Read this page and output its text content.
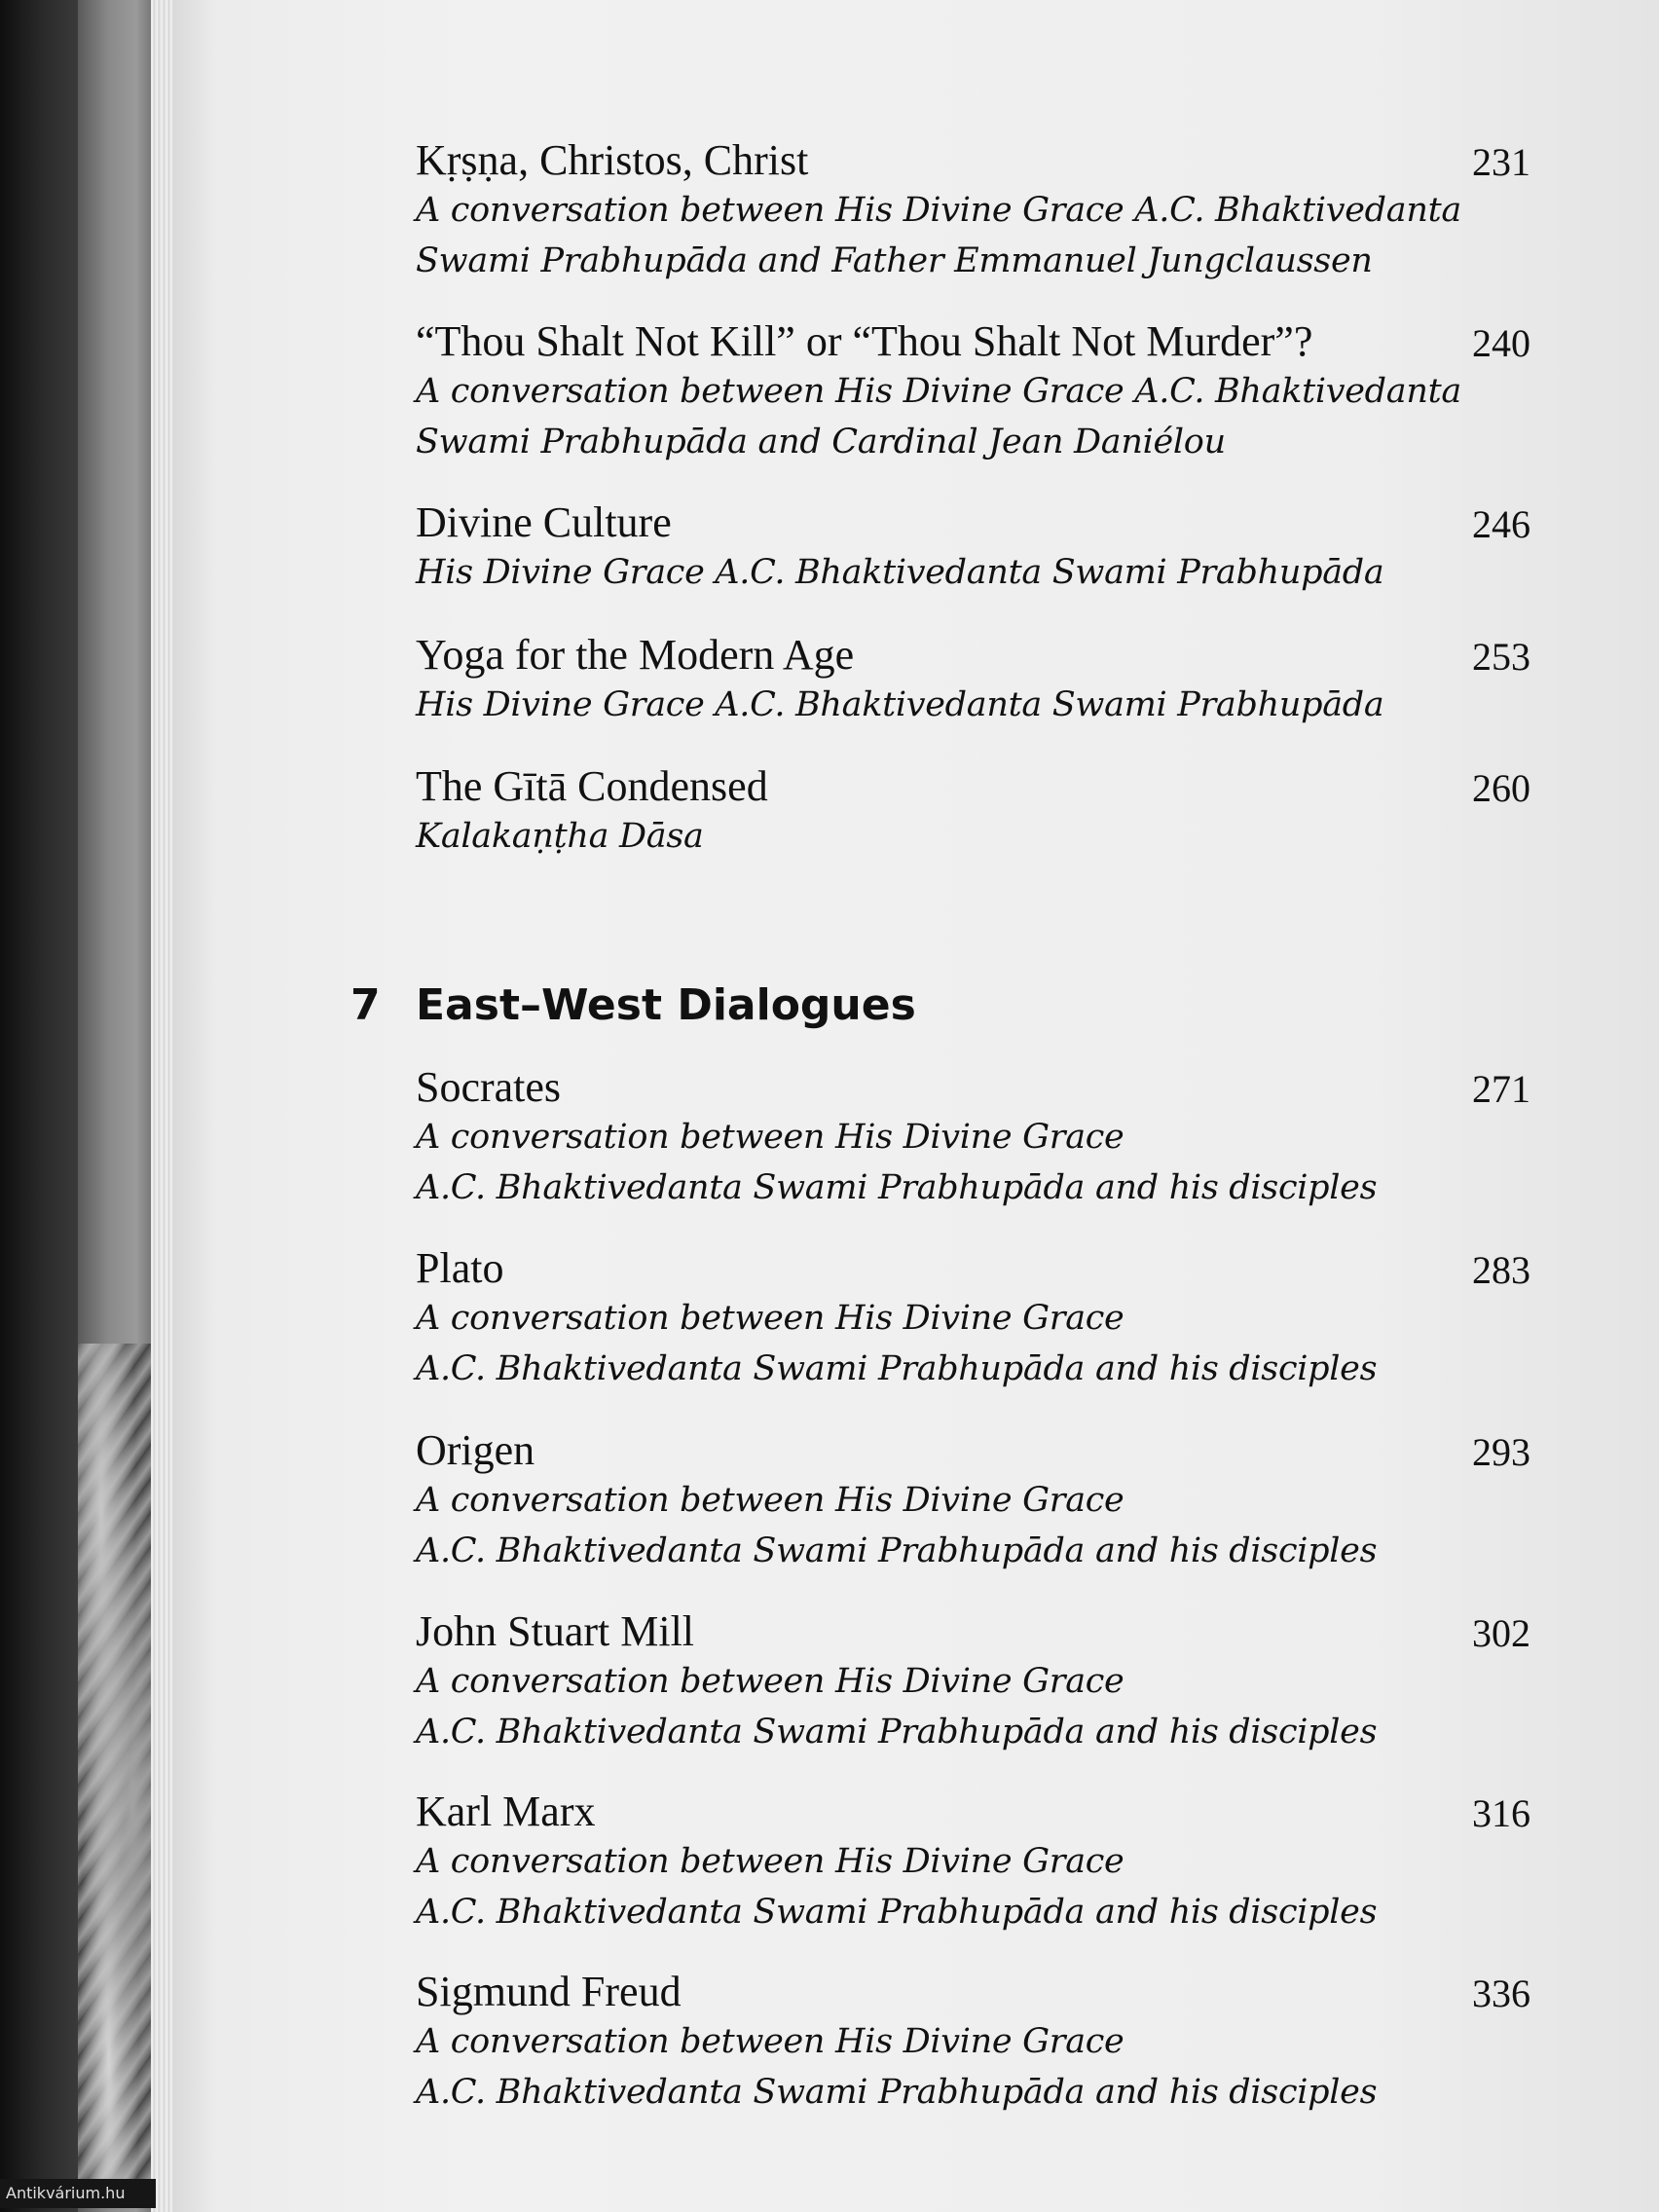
Kṛṣṇa, Christos, Christ	231
A conversation between His Divine Grace A.C. Bhaktivedanta
Swami Prabhupāda and Father Emmanuel Jungclaussen
“Thou Shalt Not Kill” or “Thou Shalt Not Murder”?	240
A conversation between His Divine Grace A.C. Bhaktivedanta
Swami Prabhupāda and Cardinal Jean Daniélou
Divine Culture	246
His Divine Grace A.C. Bhaktivedanta Swami Prabhupāda
Yoga for the Modern Age	253
His Divine Grace A.C. Bhaktivedanta Swami Prabhupāda
The Gītā Condensed	260
Kalakaṇṭha Dāsa
7 East–West Dialogues
Socrates	271
A conversation between His Divine Grace
A.C. Bhaktivedanta Swami Prabhupāda and his disciples
Plato	283
A conversation between His Divine Grace
A.C. Bhaktivedanta Swami Prabhupāda and his disciples
Origen	293
A conversation between His Divine Grace
A.C. Bhaktivedanta Swami Prabhupāda and his disciples
John Stuart Mill	302
A conversation between His Divine Grace
A.C. Bhaktivedanta Swami Prabhupāda and his disciples
Karl Marx	316
A conversation between His Divine Grace
A.C. Bhaktivedanta Swami Prabhupāda and his disciples
Sigmund Freud	336
A conversation between His Divine Grace
A.C. Bhaktivedanta Swami Prabhupāda and his disciples
Antikvárium.hu
